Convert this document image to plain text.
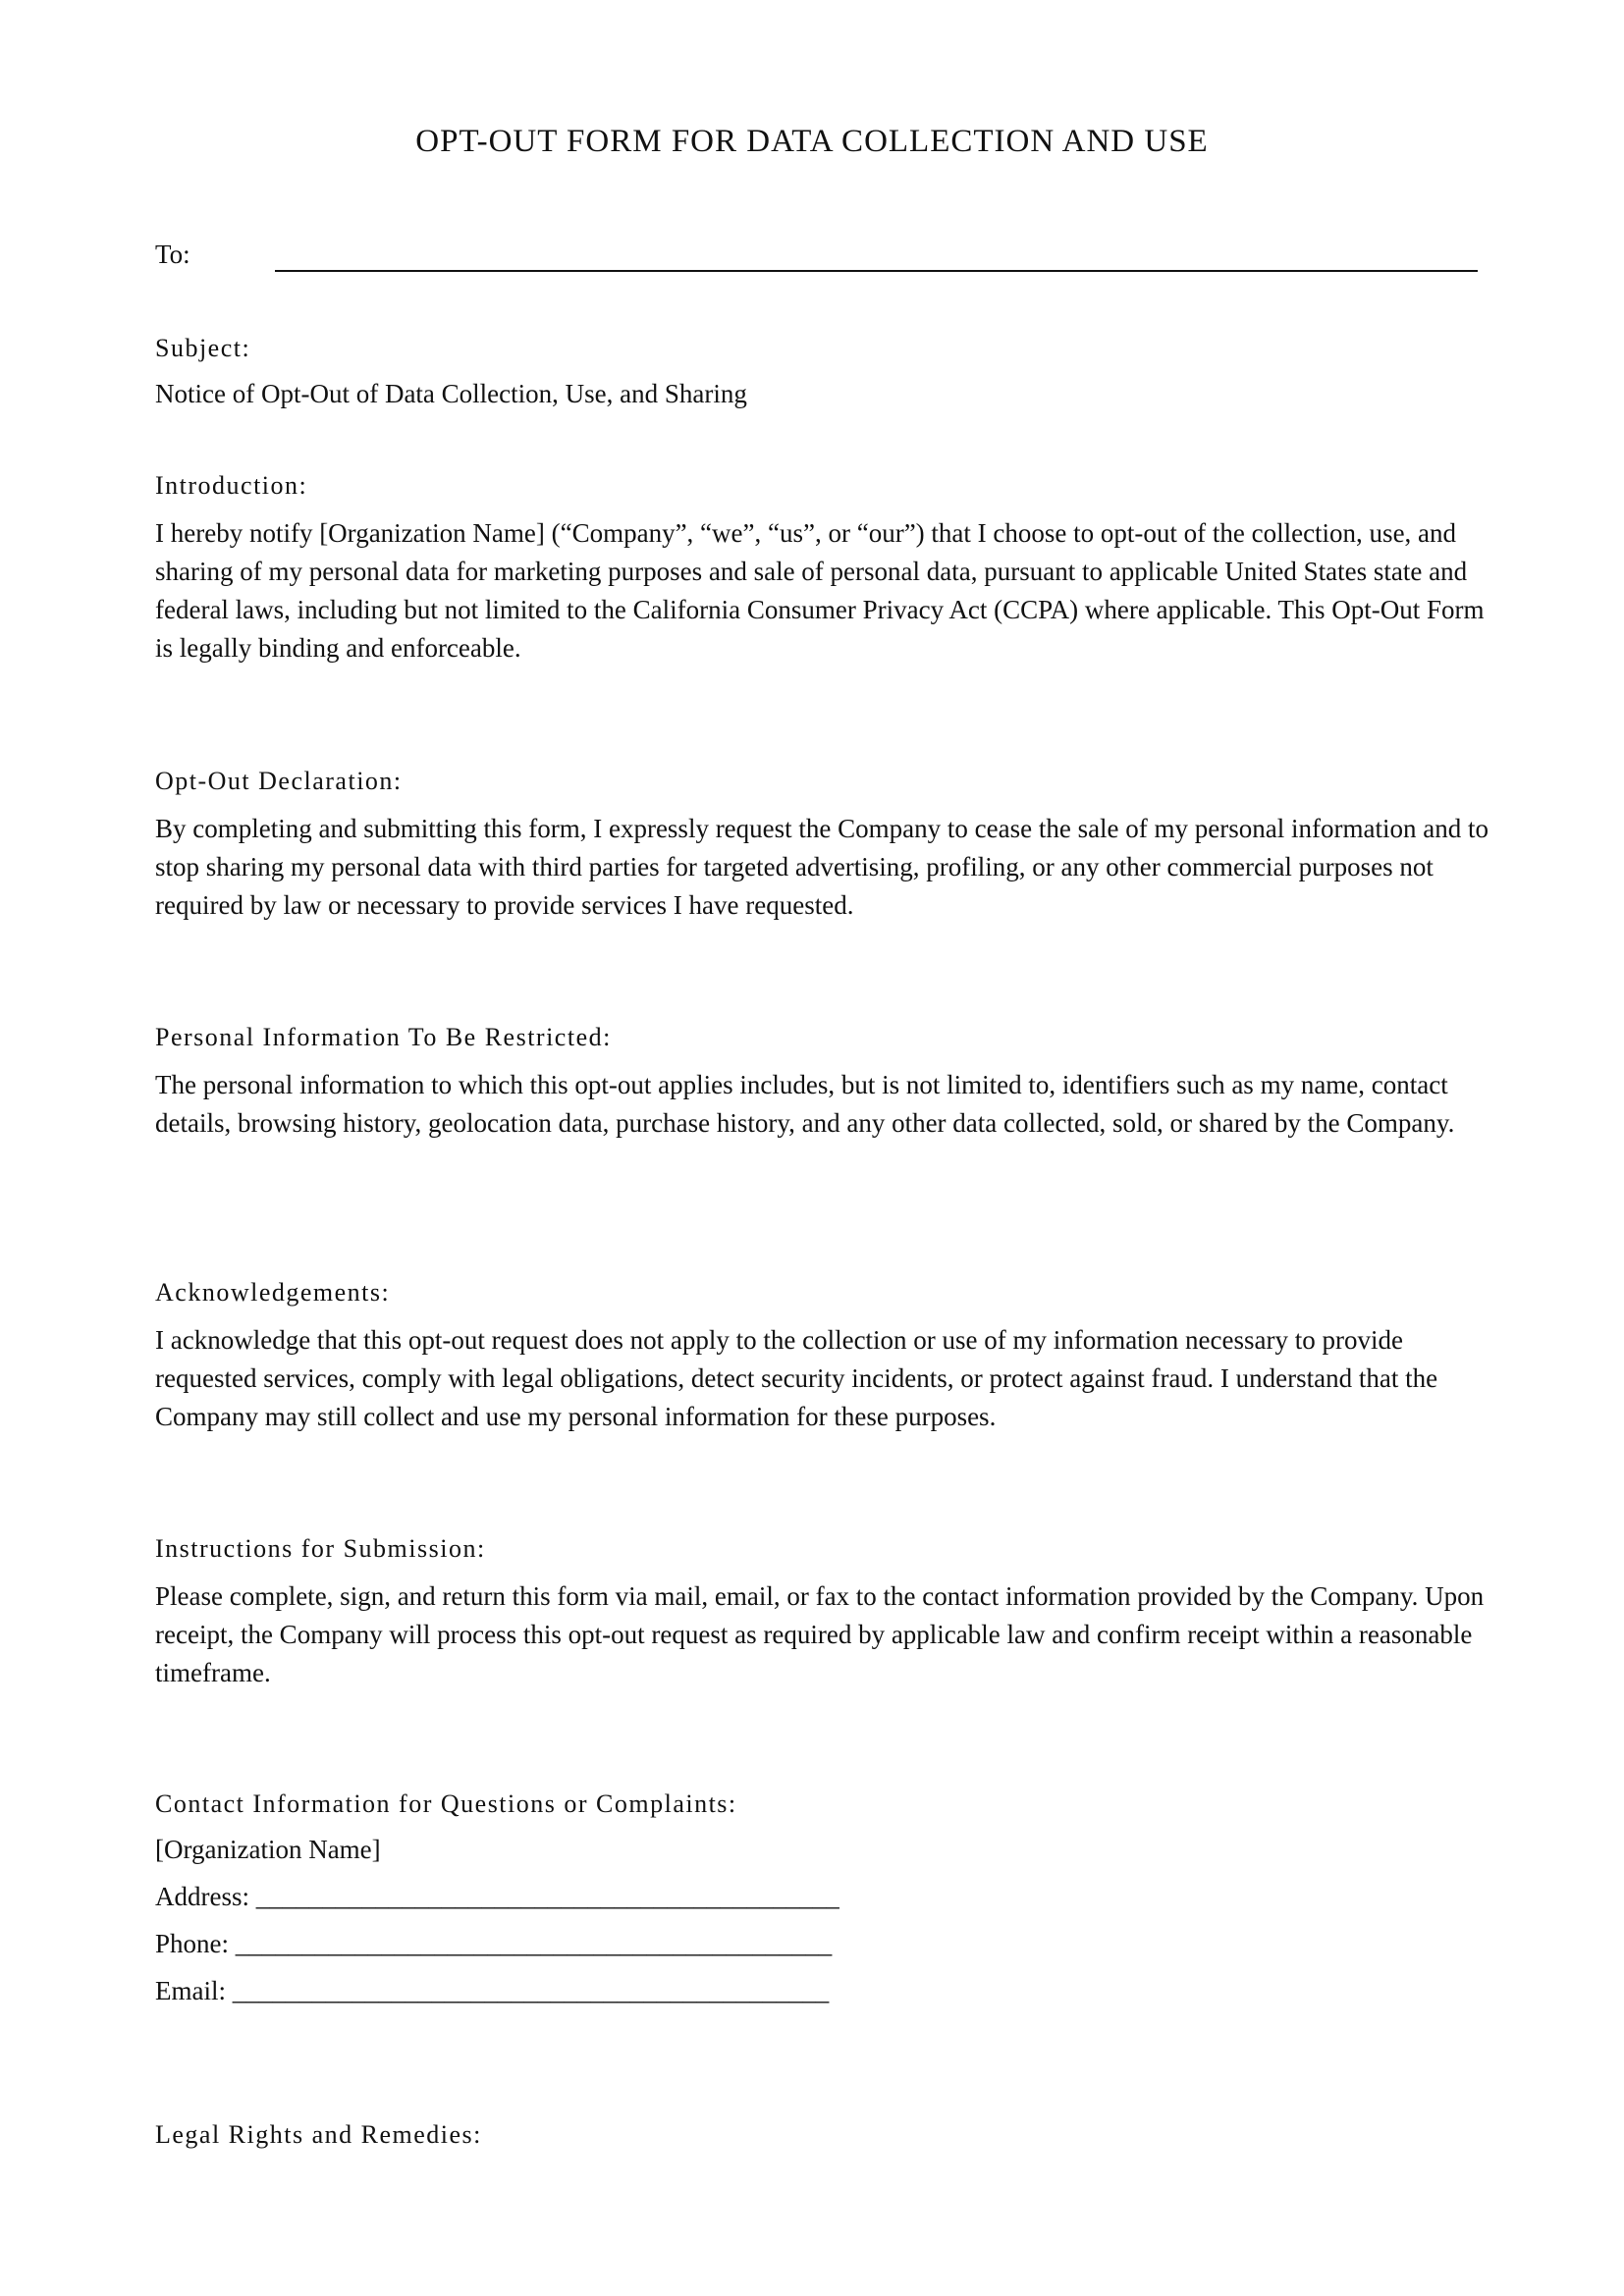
OPT-OUT FORM FOR DATA COLLECTION AND USE
To:
Subject:
Notice of Opt-Out of Data Collection, Use, and Sharing
Introduction:
I hereby notify [Organization Name] (“Company”, “we”, “us”, or “our”) that I choose to opt-out of the collection, use, and sharing of my personal data for marketing purposes and sale of personal data, pursuant to applicable United States state and federal laws, including but not limited to the California Consumer Privacy Act (CCPA) where applicable. This Opt-Out Form is legally binding and enforceable.
Opt-Out Declaration:
By completing and submitting this form, I expressly request the Company to cease the sale of my personal information and to stop sharing my personal data with third parties for targeted advertising, profiling, or any other commercial purposes not required by law or necessary to provide services I have requested.
Personal Information To Be Restricted:
The personal information to which this opt-out applies includes, but is not limited to, identifiers such as my name, contact details, browsing history, geolocation data, purchase history, and any other data collected, sold, or shared by the Company.
Acknowledgements:
I acknowledge that this opt-out request does not apply to the collection or use of my information necessary to provide requested services, comply with legal obligations, detect security incidents, or protect against fraud. I understand that the Company may still collect and use my personal information for these purposes.
Instructions for Submission:
Please complete, sign, and return this form via mail, email, or fax to the contact information provided by the Company. Upon receipt, the Company will process this opt-out request as required by applicable law and confirm receipt within a reasonable timeframe.
Contact Information for Questions or Complaints:
[Organization Name]
Address: ____________________________________________
Phone: _____________________________________________
Email: _____________________________________________
Legal Rights and Remedies:
